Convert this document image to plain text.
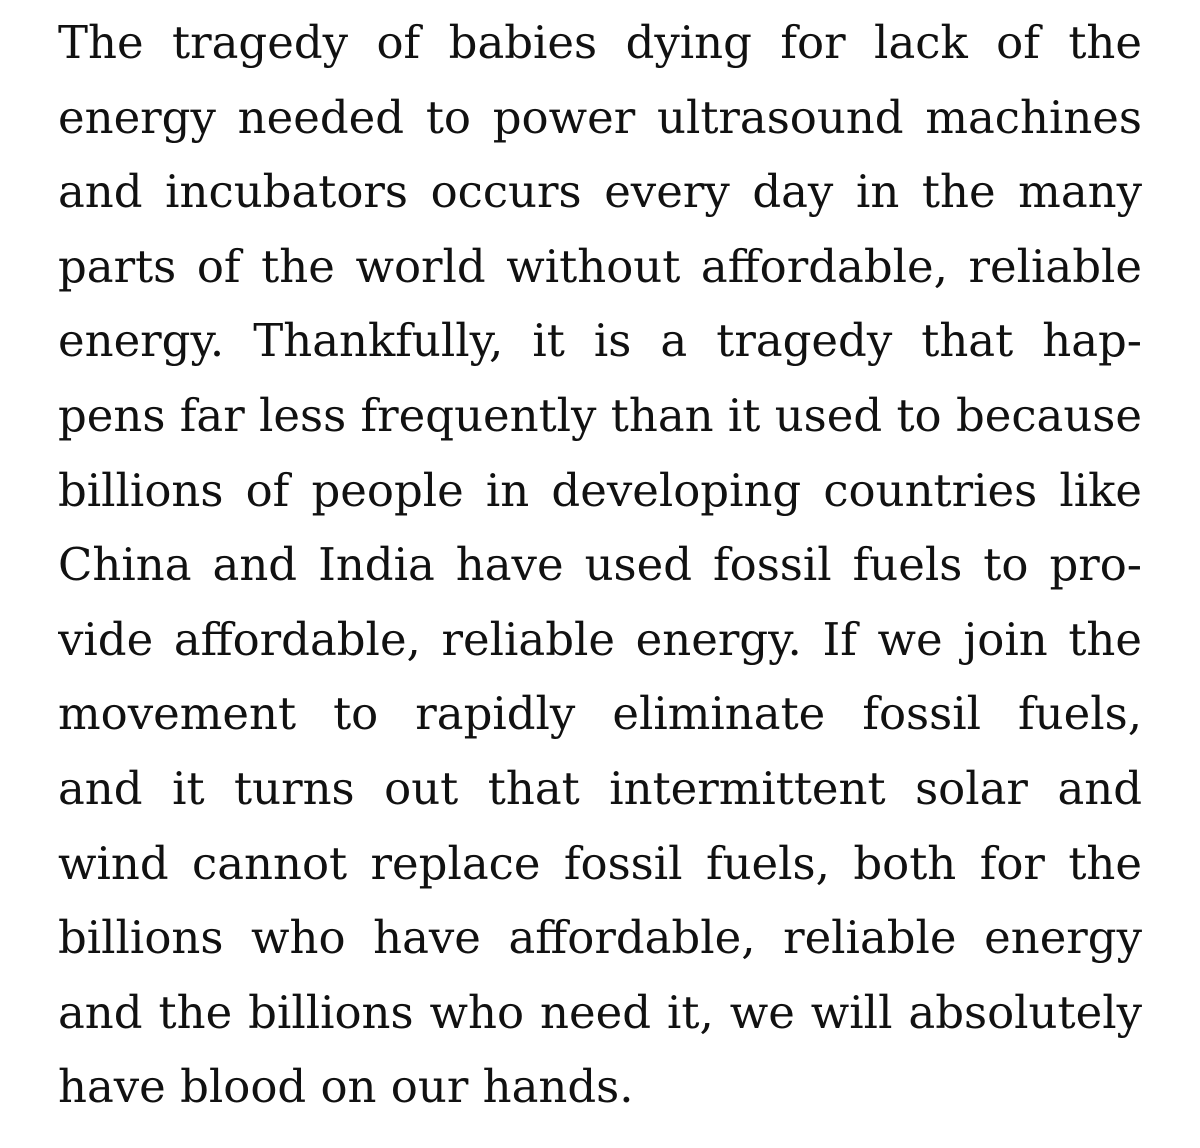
The tragedy of babies dying for lack of the
energy needed to power ultrasound machines
and incubators occurs every day in the many
parts of the world without affordable, reliable
energy. Thankfully, it is a tragedy that hap-
pens far less frequently than it used to because
billions of people in developing countries like
China and India have used fossil fuels to pro-
vide affordable, reliable energy. If we join the
movement to rapidly eliminate fossil fuels,
and it turns out that intermittent solar and
wind cannot replace fossil fuels, both for the
billions who have affordable, reliable energy
and the billions who need it, we will absolutely
have blood on our hands.
